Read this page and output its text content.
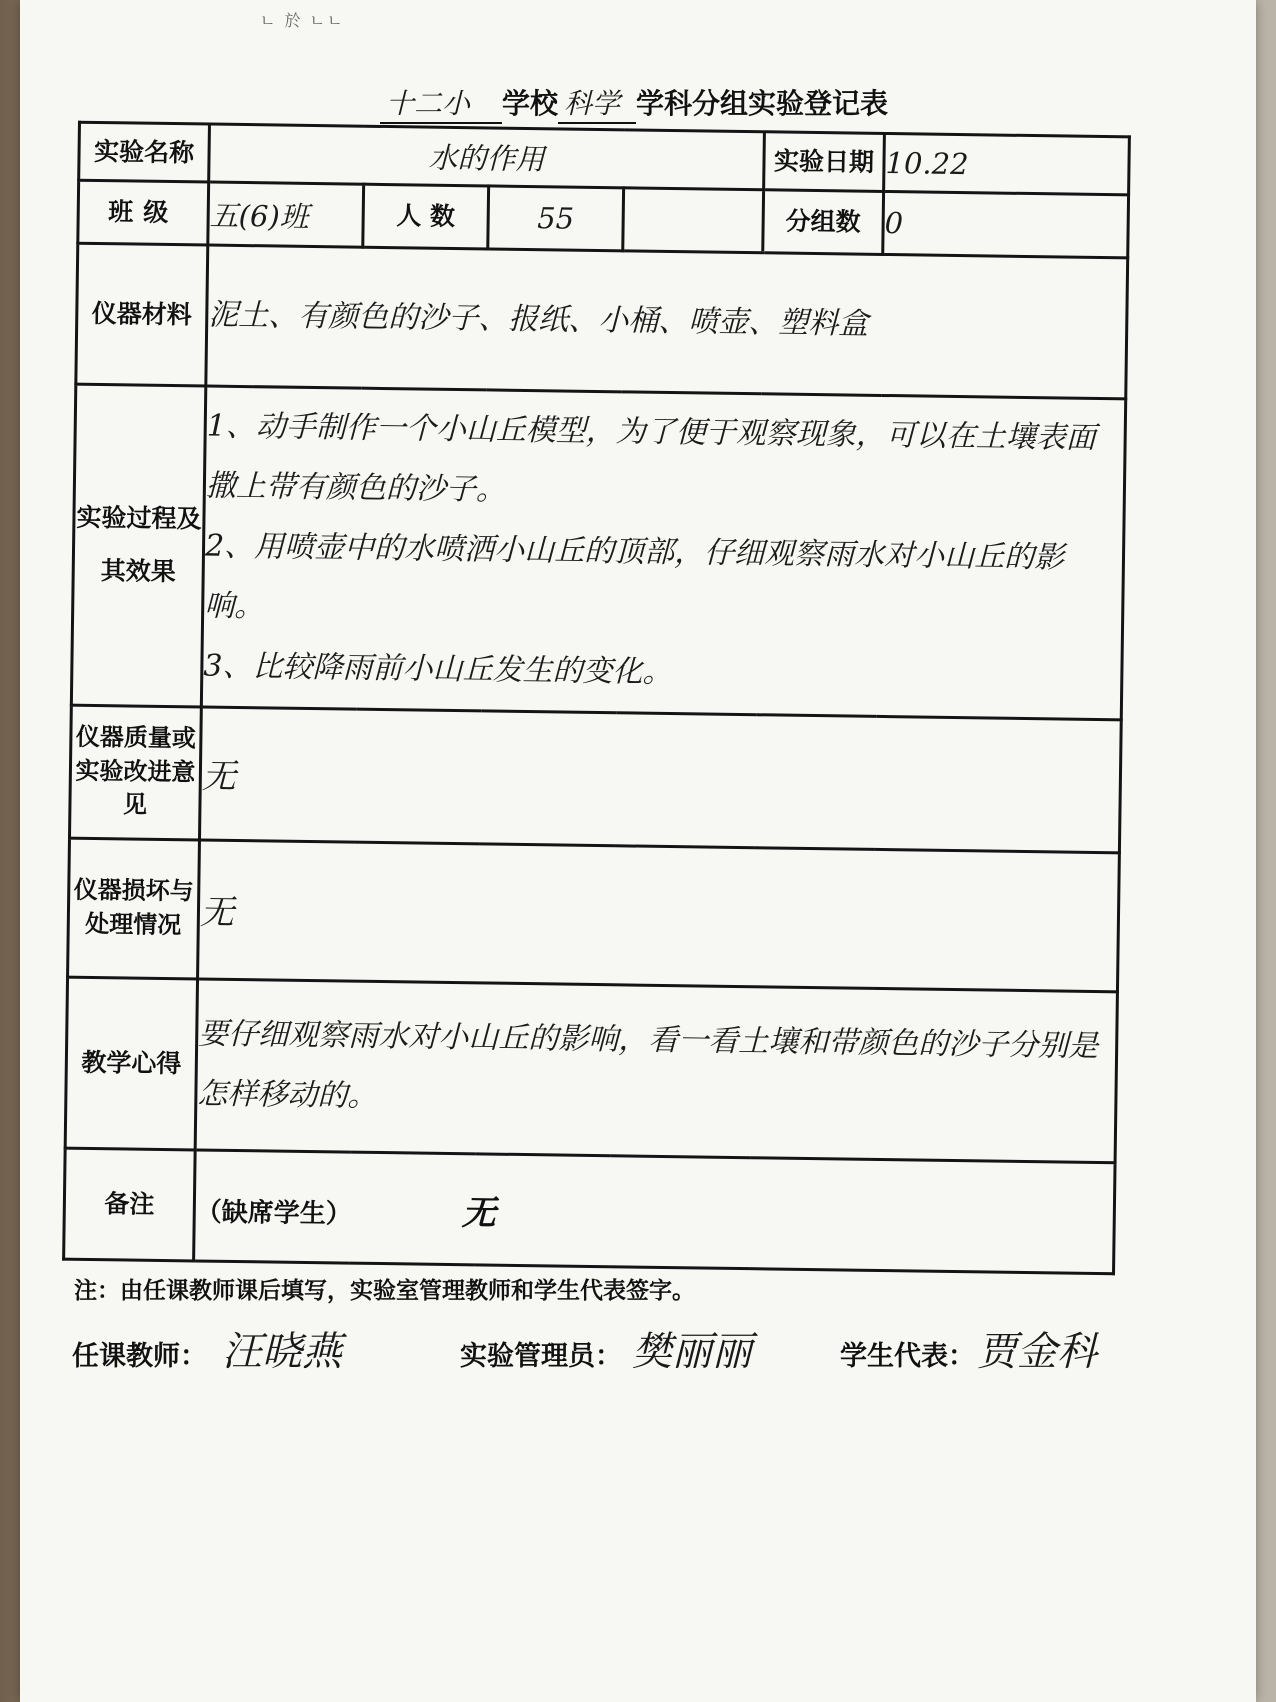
ㄴ 於 ㄴㄴ
十二小 学校 科学 学科分组实验登记表
实验名称	水的作用				实验日期	10.22
班级	五(6)班	人 数	55		分组数	0
仪器材料	泥土、有颜色的沙子、报纸、小桶、喷壶、塑料盒					
实验过程及其效果	1、动手制作一个小山丘模型，为了便于观察现象，可以在土壤表面撒上带有颜色的沙子。

2、用喷壶中的水喷洒小山丘的顶部，仔细观察雨水对小山丘的影响。

3、比较降雨前小山丘发生的变化。					

仪器质量或实验改进意见	无					
仪器损坏与处理情况	无					
教学心得	要仔细观察雨水对小山丘的影响，看一看土壤和带颜色的沙子分别是怎样移动的。					
备注	（缺席学生） 无					
注：由任课教师课后填写，实验室管理教师和学生代表签字。
任课教师： 汪晓燕	实验管理员： 樊丽丽	学生代表： 贾金科
